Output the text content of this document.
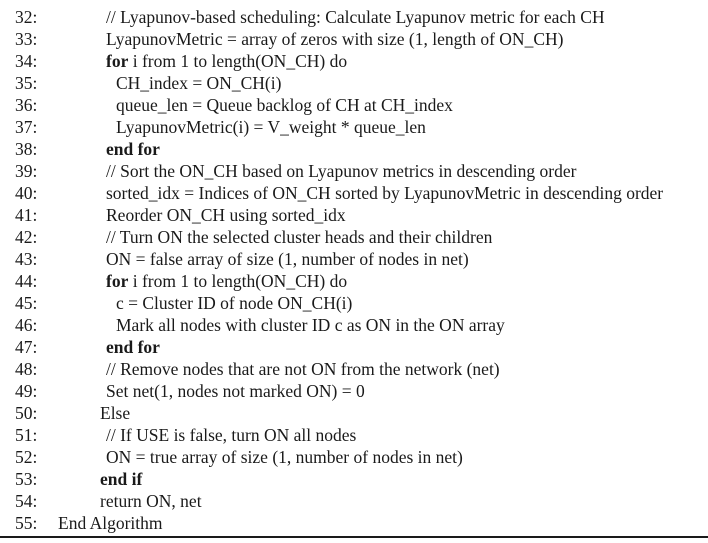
32:	// Lyapunov-based scheduling: Calculate Lyapunov metric for each CH
33:	LyapunovMetric = array of zeros with size (1, length of ON_CH)
34:	for i from 1 to length(ON_CH) do
35:	CH_index = ON_CH(i)
36:	queue_len = Queue backlog of CH at CH_index
37:	LyapunovMetric(i) = V_weight * queue_len
38:	end for
39:	// Sort the ON_CH based on Lyapunov metrics in descending order
40:	sorted_idx = Indices of ON_CH sorted by LyapunovMetric in descending order
41:	Reorder ON_CH using sorted_idx
42:	// Turn ON the selected cluster heads and their children
43:	ON = false array of size (1, number of nodes in net)
44:	for i from 1 to length(ON_CH) do
45:	c = Cluster ID of node ON_CH(i)
46:	Mark all nodes with cluster ID c as ON in the ON array
47:	end for
48:	// Remove nodes that are not ON from the network (net)
49:	Set net(1, nodes not marked ON) = 0
50:	Else
51:	// If USE is false, turn ON all nodes
52:	ON = true array of size (1, number of nodes in net)
53:	end if
54:	return ON, net
55: End Algorithm
